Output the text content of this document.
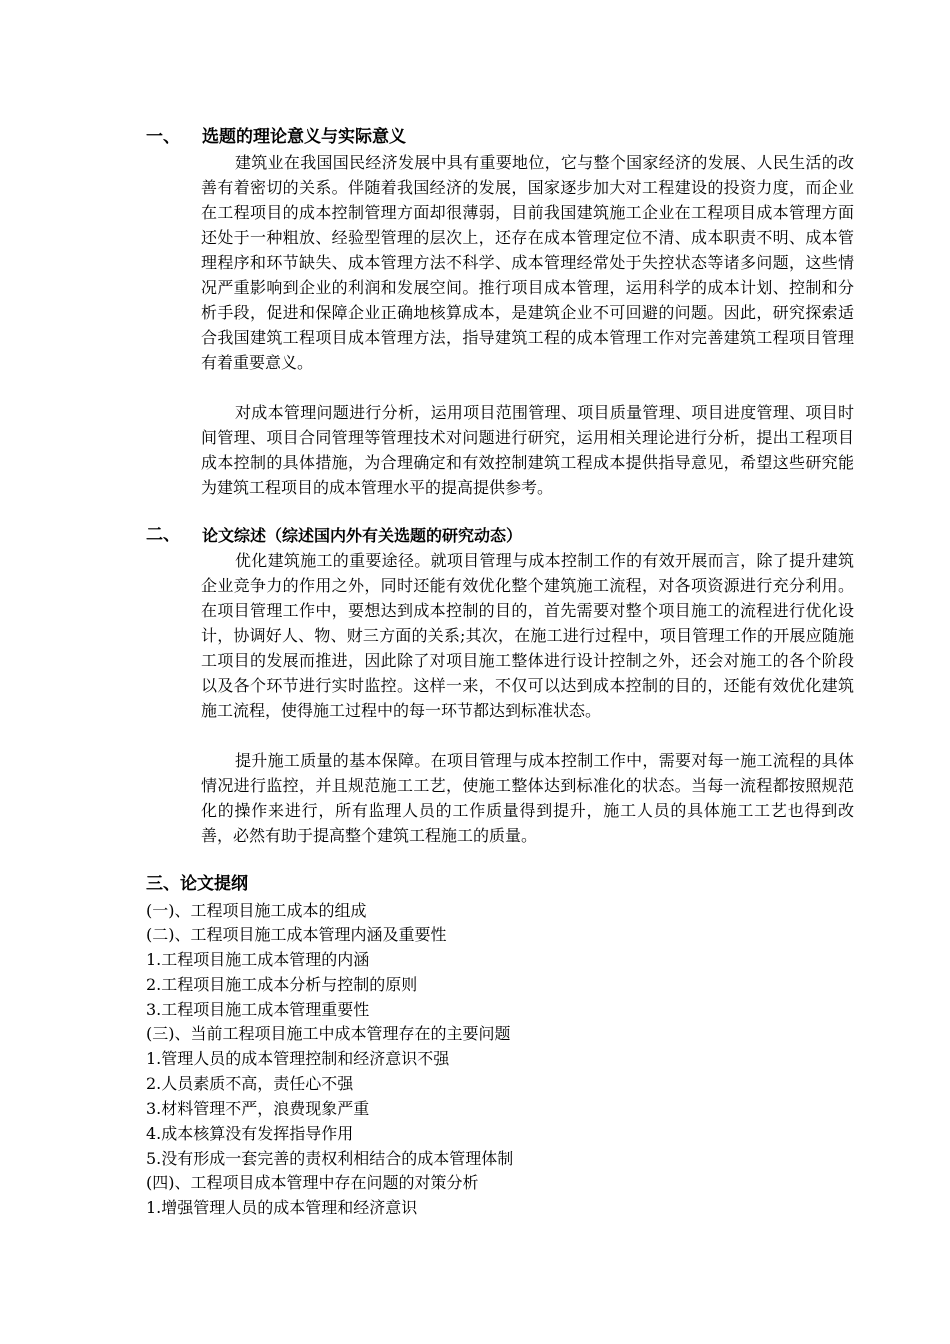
一、 选题的理论意义与实际意义

建筑业在我国国民经济发展中具有重要地位，它与整个国家经济的发展、人民生活的改善有着密切的关系。伴随着我国经济的发展，国家逐步加大对工程建设的投资力度，而企业在工程项目的成本控制管理方面却很薄弱，目前我国建筑施工企业在工程项目成本管理方面还处于一种粗放、经验型管理的层次上，还存在成本管理定位不清、成本职责不明、成本管理程序和环节缺失、成本管理方法不科学、成本管理经常处于失控状态等诸多问题，这些情况严重影响到企业的利润和发展空间。推行项目成本管理，运用科学的成本计划、控制和分析手段，促进和保障企业正确地核算成本，是建筑企业不可回避的问题。因此，研究探索适合我国建筑工程项目成本管理方法，指导建筑工程的成本管理工作对完善建筑工程项目管理有着重要意义。

对成本管理问题进行分析，运用项目范围管理、项目质量管理、项目进度管理、项目时间管理、项目合同管理等管理技术对问题进行研究，运用相关理论进行分析，提出工程项目成本控制的具体措施，为合理确定和有效控制建筑工程成本提供指导意见，希望这些研究能为建筑工程项目的成本管理水平的提高提供参考。

二、 论文综述（综述国内外有关选题的研究动态）

优化建筑施工的重要途径。就项目管理与成本控制工作的有效开展而言，除了提升建筑企业竞争力的作用之外，同时还能有效优化整个建筑施工流程，对各项资源进行充分利用。在项目管理工作中，要想达到成本控制的目的，首先需要对整个项目施工的流程进行优化设计，协调好人、物、财三方面的关系;其次，在施工进行过程中，项目管理工作的开展应随施工项目的发展而推进，因此除了对项目施工整体进行设计控制之外，还会对施工的各个阶段以及各个环节进行实时监控。这样一来，不仅可以达到成本控制的目的，还能有效优化建筑施工流程，使得施工过程中的每一环节都达到标准状态。

提升施工质量的基本保障。在项目管理与成本控制工作中，需要对每一施工流程的具体情况进行监控，并且规范施工工艺，使施工整体达到标准化的状态。当每一流程都按照规范化的操作来进行，所有监理人员的工作质量得到提升，施工人员的具体施工工艺也得到改善，必然有助于提高整个建筑工程施工的质量。

三、论文提纲
(一)、工程项目施工成本的组成
(二)、工程项目施工成本管理内涵及重要性
1.工程项目施工成本管理的内涵
2.工程项目施工成本分析与控制的原则
3.工程项目施工成本管理重要性
(三)、当前工程项目施工中成本管理存在的主要问题
1.管理人员的成本管理控制和经济意识不强
2.人员素质不高，责任心不强
3.材料管理不严，浪费现象严重
4.成本核算没有发挥指导作用
5.没有形成一套完善的责权利相结合的成本管理体制
(四)、工程项目成本管理中存在问题的对策分析
1.增强管理人员的成本管理和经济意识
